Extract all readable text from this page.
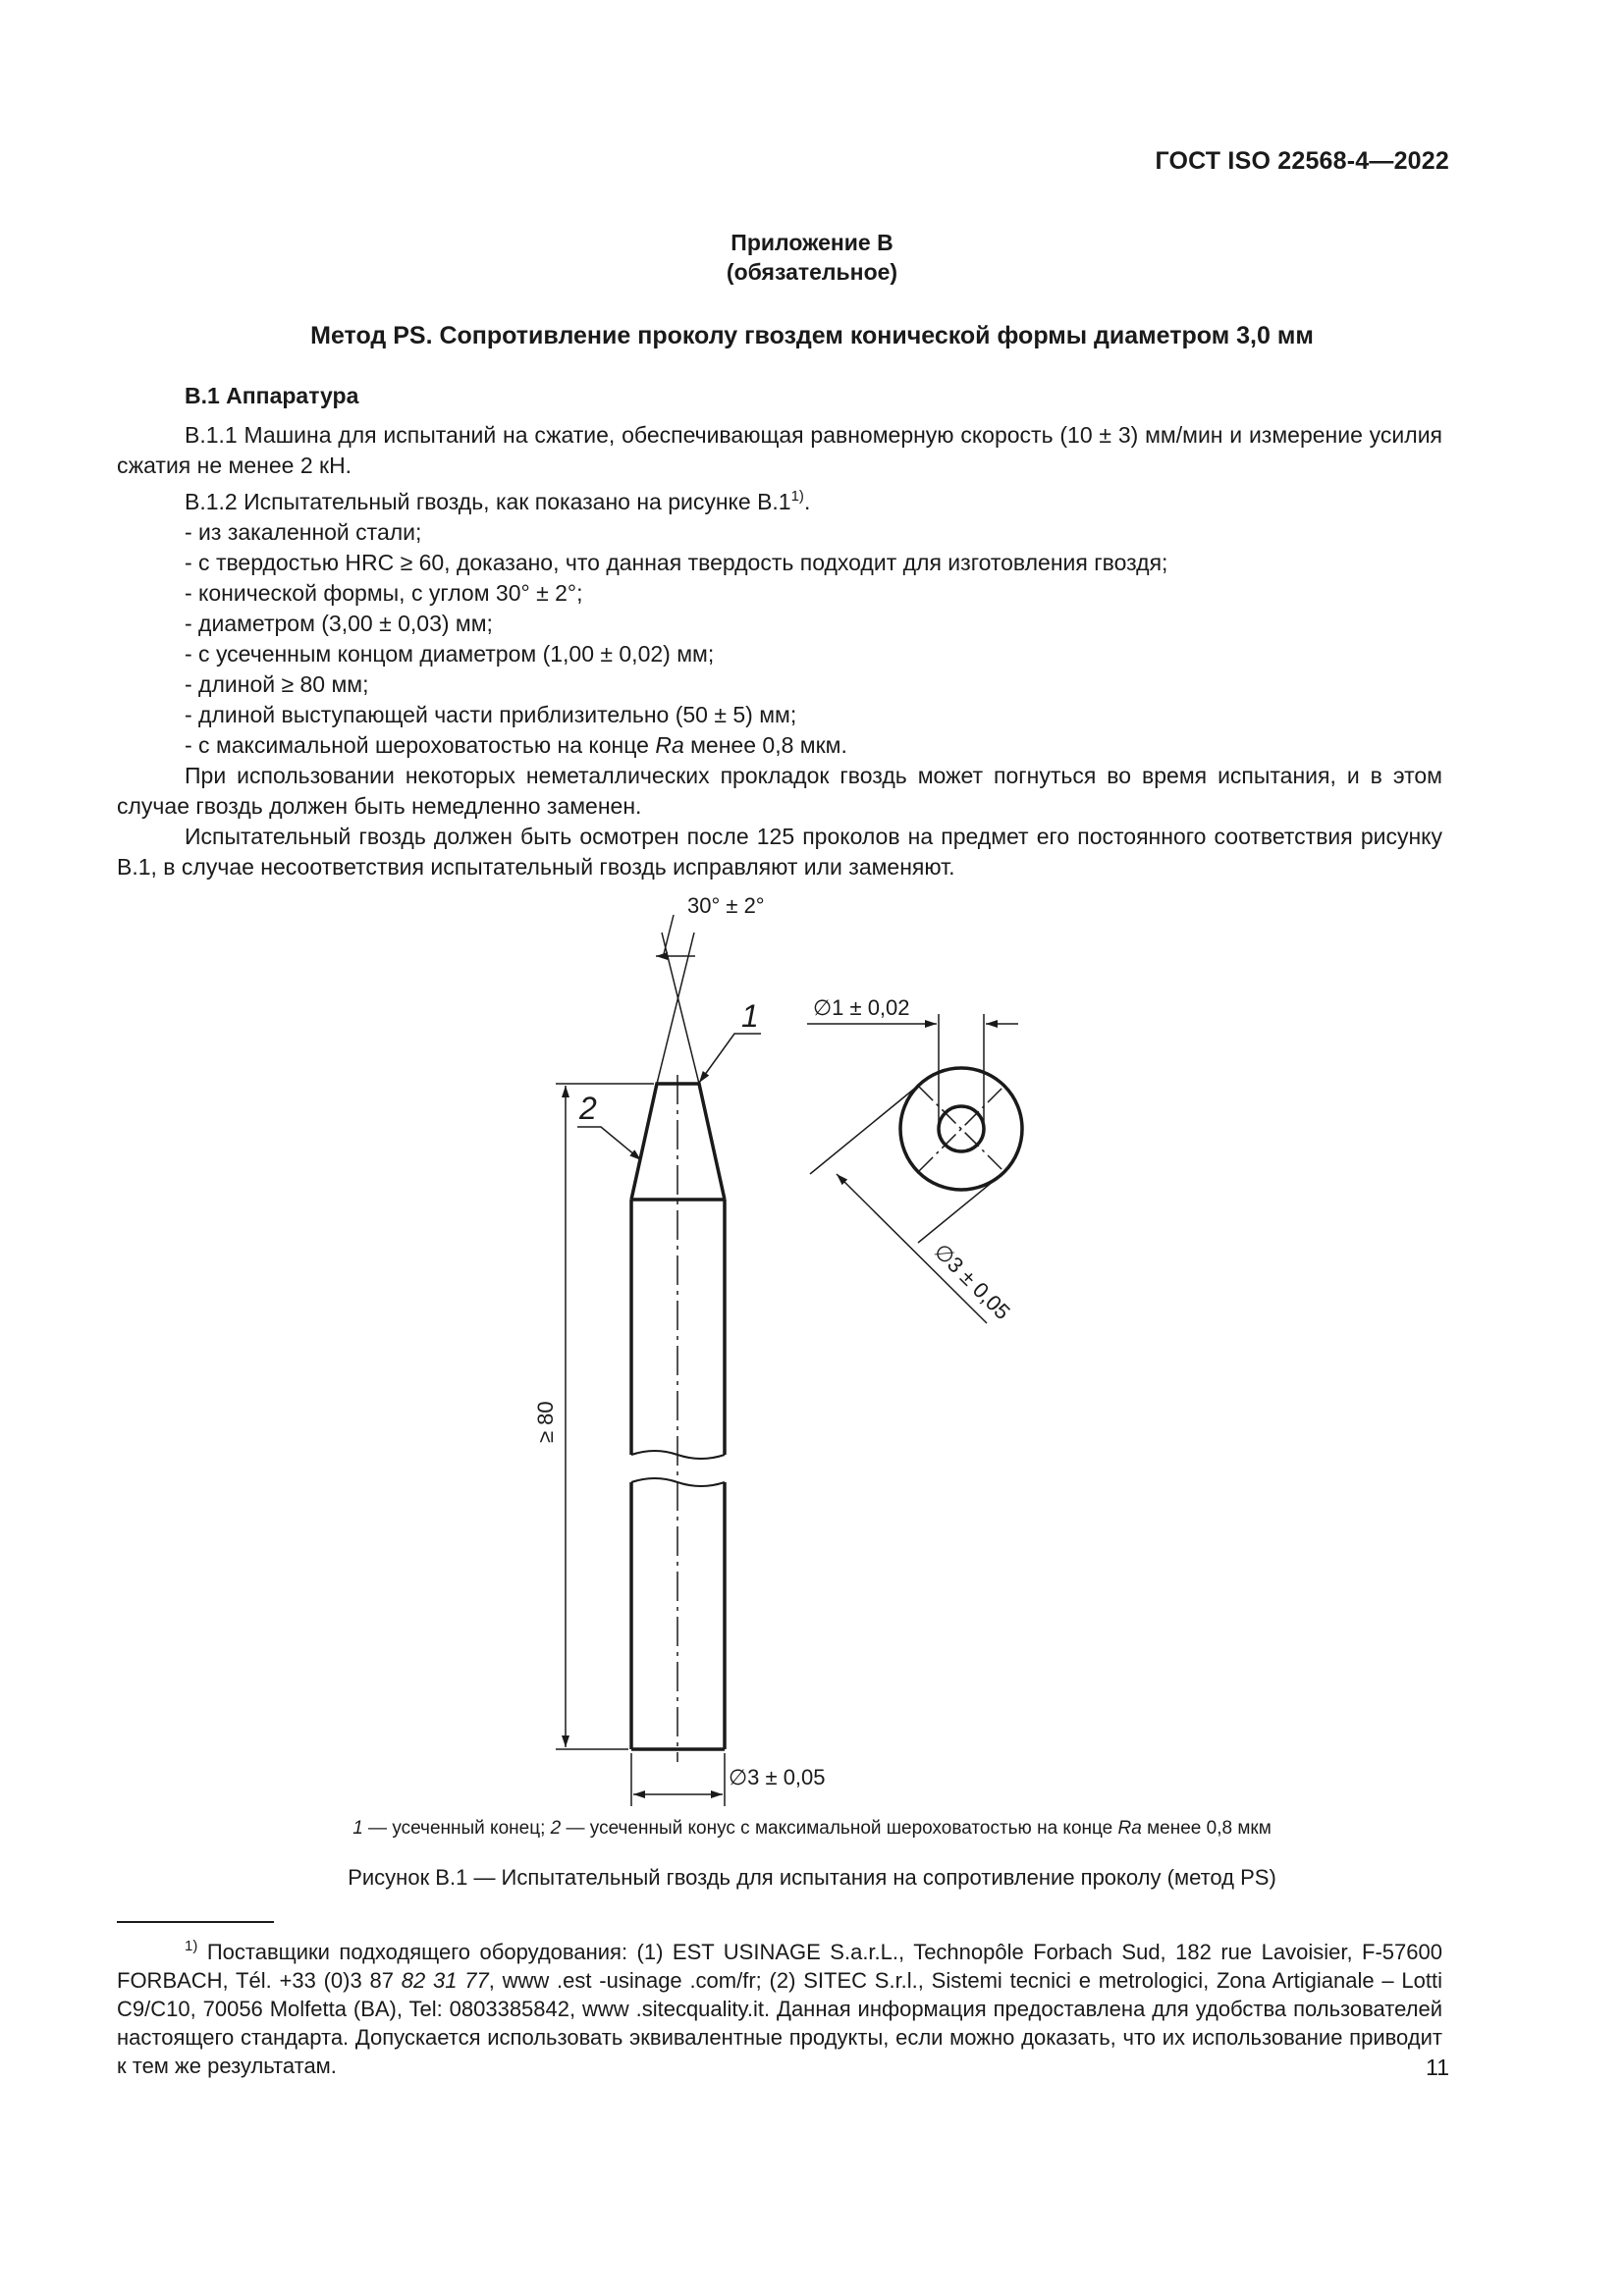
ГОСТ ISO 22568-4—2022
Приложение В
(обязательное)
Метод PS. Сопротивление проколу гвоздем конической формы диаметром 3,0 мм
В.1 Аппаратура

В.1.1 Машина для испытаний на сжатие, обеспечивающая равномерную скорость (10 ± 3) мм/мин и измерение усилия сжатия не менее 2 кН.

В.1.2 Испытательный гвоздь, как показано на рисунке В.1$^{1)}$.

- из закаленной стали;

- с твердостью HRC ≥ 60, доказано, что данная твердость подходит для изготовления гвоздя;

- конической формы, с углом 30° ± 2°;

- диаметром (3,00 ± 0,03) мм;

- с усеченным концом диаметром (1,00 ± 0,02) мм;

- длиной ≥ 80 мм;

- длиной выступающей части приблизительно (50 ± 5) мм;

- с максимальной шероховатостью на конце Ra менее 0,8 мкм.

При использовании некоторых неметаллических прокладок гвоздь может погнуться во время испытания, и в этом случае гвоздь должен быть немедленно заменен.

Испытательный гвоздь должен быть осмотрен после 125 проколов на предмет его постоянного соответствия рисунку В.1, в случае несоответствия испытательный гвоздь исправляют или заменяют.

30° ± 2°
1
2
≥ 80
∅3 ± 0,05
∅1 ± 0,02
∅3 ± 0,05
1 — усеченный конец; 2 — усеченный конус с максимальной шероховатостью на конце Ra менее 0,8 мкм
Рисунок В.1 — Испытательный гвоздь для испытания на сопротивление проколу (метод PS)
$^{1)}$ Поставщики подходящего оборудования: (1) EST USINAGE S.a.r.L., Technopôle Forbach Sud, 182 rue Lavoisier, F-57600 FORBACH, Tél. +33 (0)3 87 82 31 77, www .est -usinage .com/fr; (2) SITEC S.r.l., Sistemi tecnici e metrologici, Zona Artigianale – Lotti C9/C10, 70056 Molfetta (BA), Tel: 0803385842, www .sitecquality.it. Данная информация предоставлена для удобства пользователей настоящего стандарта. Допускается использовать эквивалентные продукты, если можно доказать, что их использование приводит к тем же результатам.	11
